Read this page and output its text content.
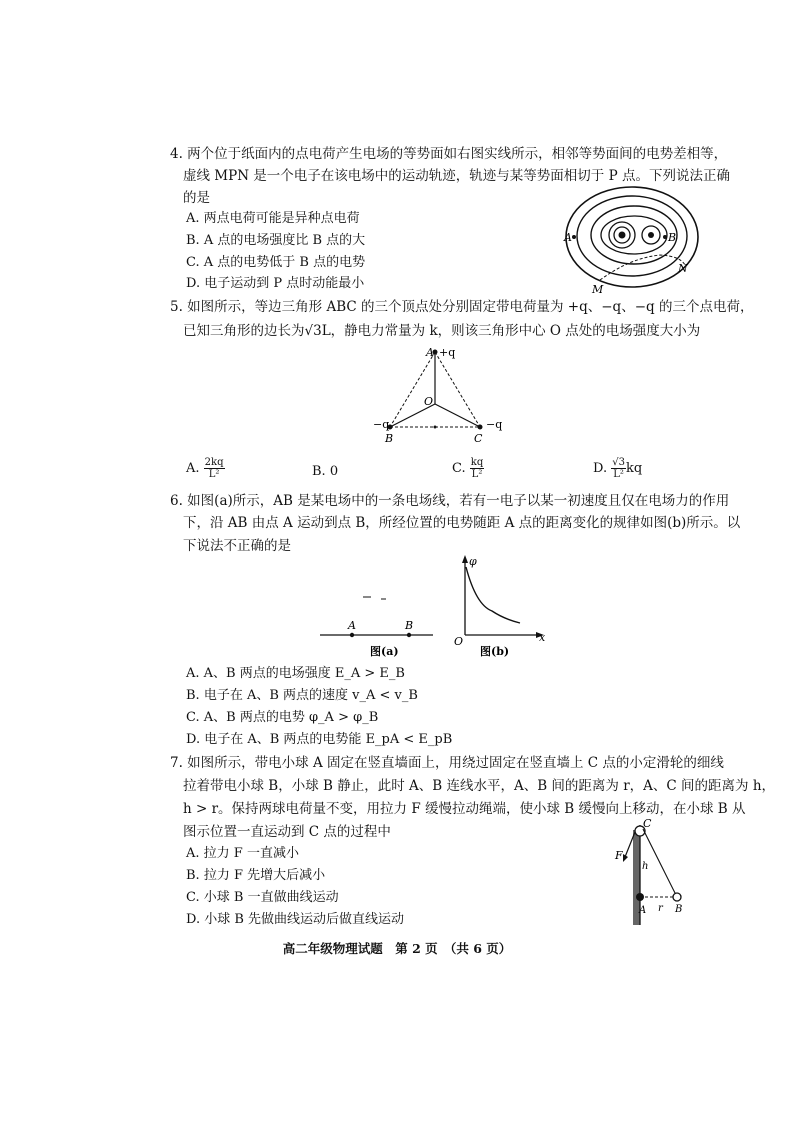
4. 两个位于纸面内的点电荷产生电场的等势面如右图实线所示，相邻等势面间的电势差相等，
虚线 MPN 是一个电子在该电场中的运动轨迹，轨迹与某等势面相切于 P 点。下列说法正确
的是
A. 两点电荷可能是异种点电荷
B. A 点的电场强度比 B 点的大
C. A 点的电势低于 B 点的电势
D. 电子运动到 P 点时动能最小
A	B
M
N
5. 如图所示，等边三角形 ABC 的三个顶点处分别固定带电荷量为 +q、−q、−q 的三个点电荷，
已知三角形的边长为√3L，静电力常量为 k，则该三角形中心 O 点处的电场强度大小为
A +q
O
−q
B	C
−q
A. $\frac{2kq}{\text{L²}}$	B. 0	C. $\frac{kq}{\text{L²}}$	D. $\frac{√3}{\text{L²}}$ kq
6. 如图(a)所示，AB 是某电场中的一条电场线，若有一电子以某一初速度且仅在电场力的作用
下，沿 AB 由点 A 运动到点 B，所经位置的电势随距 A 点的距离变化的规律如图(b)所示。以
下说法不正确的是
A	B
图(a)
φ
O	x
图(b)
A. A、B 两点的电场强度 E_A > E_B
B. 电子在 A、B 两点的速度 v_A < v_B
C. A、B 两点的电势 φ_A > φ_B
D. 电子在 A、B 两点的电势能 E_pA < E_pB
7. 如图所示，带电小球 A 固定在竖直墙面上，用绕过固定在竖直墙上 C 点的小定滑轮的细线
拉着带电小球 B，小球 B 静止，此时 A、B 连线水平，A、B 间的距离为 r，A、C 间的距离为 h，
h > r。保持两球电荷量不变，用拉力 F 缓慢拉动绳端，使小球 B 缓慢向上移动，在小球 B 从
图示位置一直运动到 C 点的过程中
A. 拉力 F 一直减小
B. 拉力 F 先增大后减小
C. 小球 B 一直做曲线运动
D. 小球 B 先做曲线运动后做直线运动
C
F
h
A r B
高二年级物理试题　第 2 页　（共 6 页）
